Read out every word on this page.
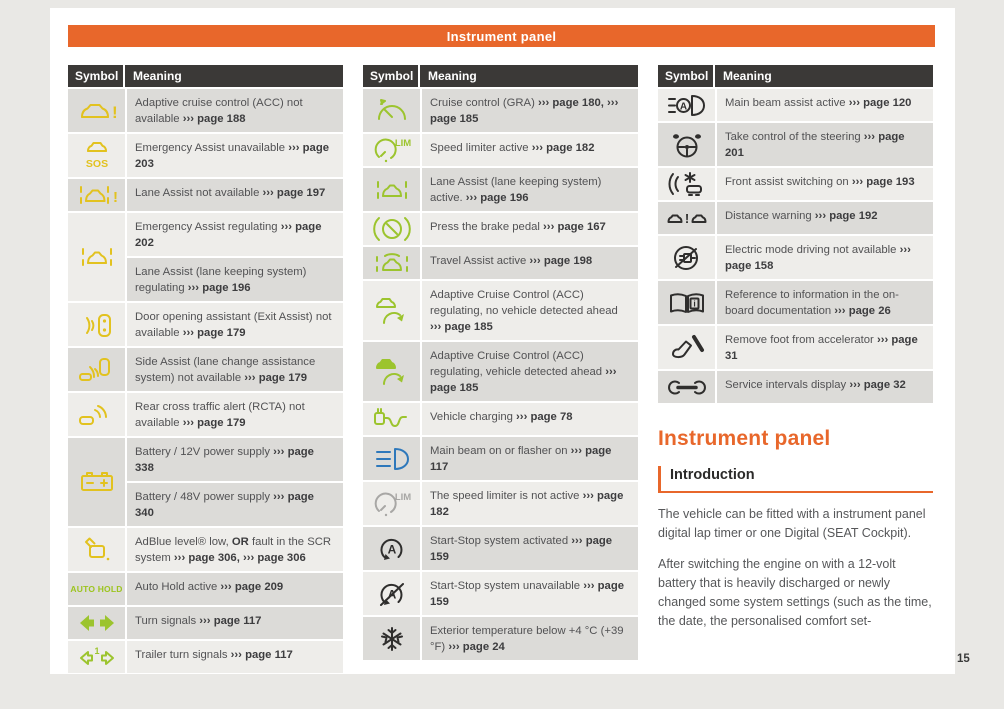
Instrument panel
Symbol	Meaning
Adaptive cruise control (ACC) not available ››› page 188
Emergency Assist unavailable ››› page 203
Lane Assist not available ››› page 197
Emergency Assist regulating ››› page 202
Lane Assist (lane keeping system) regulating ››› page 196
Door opening assistant (Exit Assist) not available ››› page 179
Side Assist (lane change assistance system) not available ››› page 179
Rear cross traffic alert (RCTA) not available ››› page 179
Battery / 12V power supply ››› page 338
Battery / 48V power supply ››› page 340
AdBlue level® low, OR fault in the SCR system ››› page 306, ››› page 306
AUTO HOLD	Auto Hold active ››› page 209
Turn signals ››› page 117
Trailer turn signals ››› page 117
Symbol	Meaning
Cruise control (GRA) ››› page 180, ››› page 185
Speed limiter active ››› page 182
Lane Assist (lane keeping system) active. ››› page 196
Press the brake pedal ››› page 167
Travel Assist active ››› page 198
Adaptive Cruise Control (ACC) regulating, no vehicle detected ahead ››› page 185
Adaptive Cruise Control (ACC) regulating, vehicle detected ahead ››› page 185
Vehicle charging ››› page 78
Main beam on or flasher on ››› page 117
The speed limiter is not active ››› page 182
Start-Stop system activated ››› page 159
Start-Stop system unavailable ››› page 159
Exterior temperature below +4 °C (+39 °F) ››› page 24
Symbol	Meaning
Main beam assist active ››› page 120
Take control of the steering ››› page 201
Front assist switching on ››› page 193
Distance warning ››› page 192
Electric mode driving not available ››› page 158
Reference to information in the on-board documentation ››› page 26
Remove foot from accelerator ››› page 31
Service intervals display ››› page 32
Instrument panel
Introduction
The vehicle can be fitted with a instrument panel digital lap timer or one Digital (SEAT Cockpit).
After switching the engine on with a 12-volt battery that is heavily discharged or newly changed some system settings (such as the time, the date, the personalised comfort set-
15
